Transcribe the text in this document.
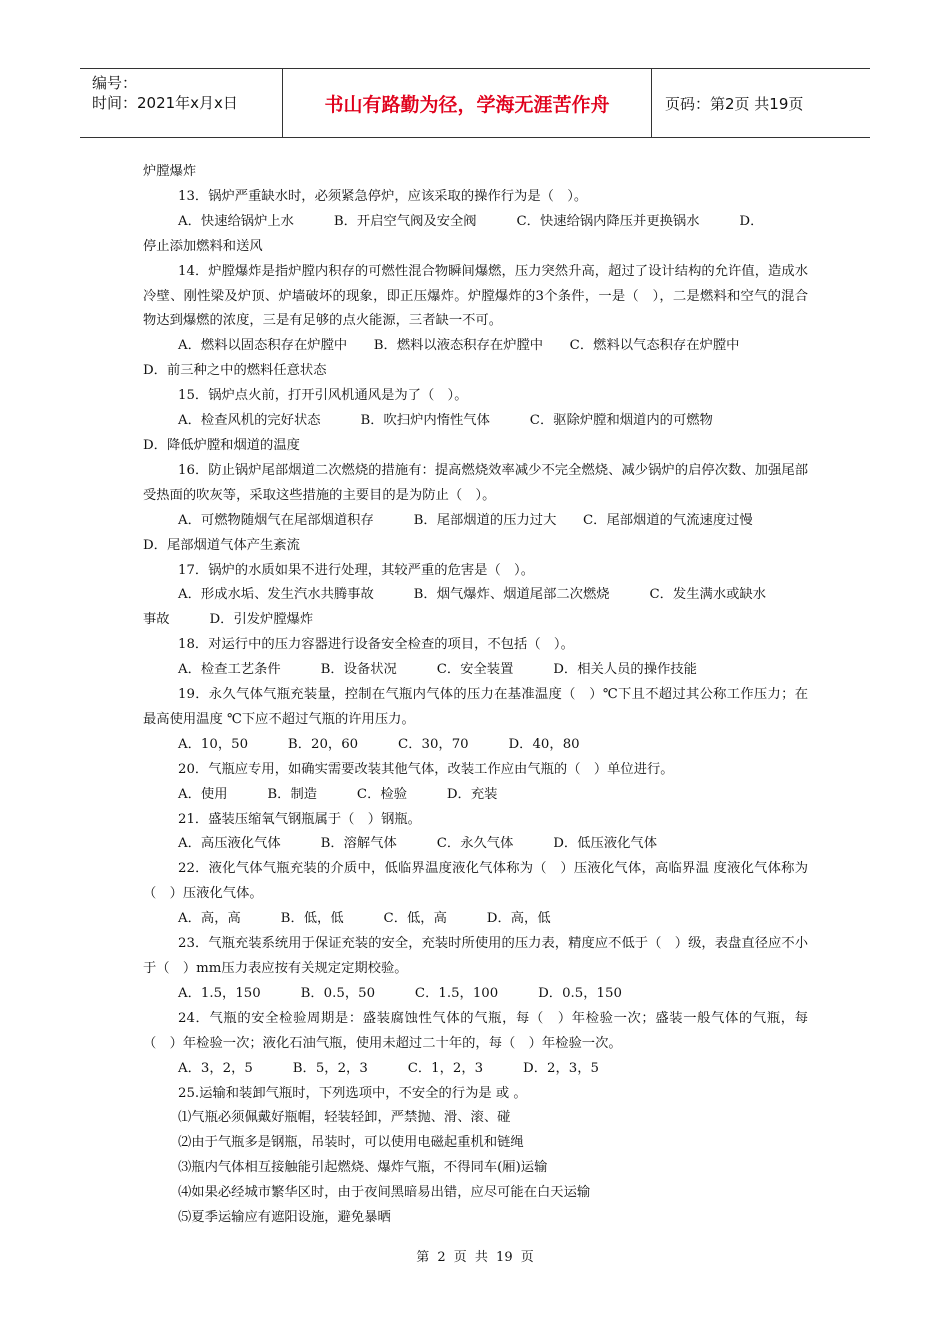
编号：
时间：2021年x月x日	书山有路勤为径，学海无涯苦作舟	页码：第2页 共19页

炉膛爆炸

13．锅炉严重缺水时，必须紧急停炉，应该采取的操作行为是（　）。

A．快速给锅炉上水　　　B．开启空气阀及安全阀　　　C．快速给锅内降压并更换锅水　　　D．

停止添加燃料和送风

14．炉膛爆炸是指炉膛内积存的可燃性混合物瞬间爆燃，压力突然升高，超过了设计结构的允许值，造成水冷壁、刚性梁及炉顶、炉墙破坏的现象，即正压爆炸。炉膛爆炸的3个条件，一是（　），二是燃料和空气的混合物达到爆燃的浓度，三是有足够的点火能源，三者缺一不可。

A．燃料以固态积存在炉膛中　　B．燃料以液态积存在炉膛中　　C．燃料以气态积存在炉膛中

D．前三种之中的燃料任意状态

15．锅炉点火前，打开引风机通风是为了（　）。

A．检查风机的完好状态　　　B．吹扫炉内惰性气体　　　C．驱除炉膛和烟道内的可燃物

D．降低炉膛和烟道的温度

16．防止锅炉尾部烟道二次燃烧的措施有：提高燃烧效率减少不完全燃烧、减少锅炉的启停次数、加强尾部受热面的吹灰等，采取这些措施的主要目的是为防止（　）。

A．可燃物随烟气在尾部烟道积存　　　B．尾部烟道的压力过大　　C．尾部烟道的气流速度过慢

D．尾部烟道气体产生紊流

17．锅炉的水质如果不进行处理，其较严重的危害是（　）。

A．形成水垢、发生汽水共腾事故　　　B．烟气爆炸、烟道尾部二次燃烧　　　C．发生满水或缺水

事故　　　D．引发炉膛爆炸

18．对运行中的压力容器进行设备安全检查的项目，不包括（　）。

A．检查工艺条件　　　B．设备状况　　　C．安全装置　　　D．相关人员的操作技能

19．永久气体气瓶充装量，控制在气瓶内气体的压力在基准温度（　）℃下且不超过其公称工作压力；在最高使用温度 ℃下应不超过气瓶的许用压力。

A．10，50　　　B．20，60　　　C．30，70　　　D．40，80

20．气瓶应专用，如确实需要改装其他气体，改装工作应由气瓶的（　）单位进行。

A．使用　　　B．制造　　　C．检验　　　D．充装

21．盛装压缩氧气钢瓶属于（　）钢瓶。

A．高压液化气体　　　B．溶解气体　　　C．永久气体　　　D．低压液化气体

22．液化气体气瓶充装的介质中，低临界温度液化气体称为（　）压液化气体，高临界温 度液化气体称为（　）压液化气体。

A．高，高　　　B．低，低　　　C．低，高　　　D．高，低

23．气瓶充装系统用于保证充装的安全，充装时所使用的压力表，精度应不低于（　）级，表盘直径应不小于（　）mm压力表应按有关规定定期校验。

A．1.5，150　　　B．0.5，50　　　C．1.5，100　　　D．0.5，150

24．气瓶的安全检验周期是：盛装腐蚀性气体的气瓶，每（　）年检验一次；盛装一般气体的气瓶，每（　）年检验一次；液化石油气瓶，使用未超过二十年的，每（　）年检验一次。

A．3，2，5　　　B．5，2，3　　　C．1，2，3　　　D．2，3，5

25.运输和装卸气瓶时，下列选项中，不安全的行为是 或 。

⑴气瓶必须佩戴好瓶帽，轻装轻卸，严禁抛、滑、滚、碰

⑵由于气瓶多是钢瓶，吊装时，可以使用电磁起重机和链绳

⑶瓶内气体相互接触能引起燃烧、爆炸气瓶，不得同车(厢)运输

⑷如果必经城市繁华区时，由于夜间黑暗易出错，应尽可能在白天运输

⑸夏季运输应有遮阳设施，避免暴晒

第 2 页 共 19 页
